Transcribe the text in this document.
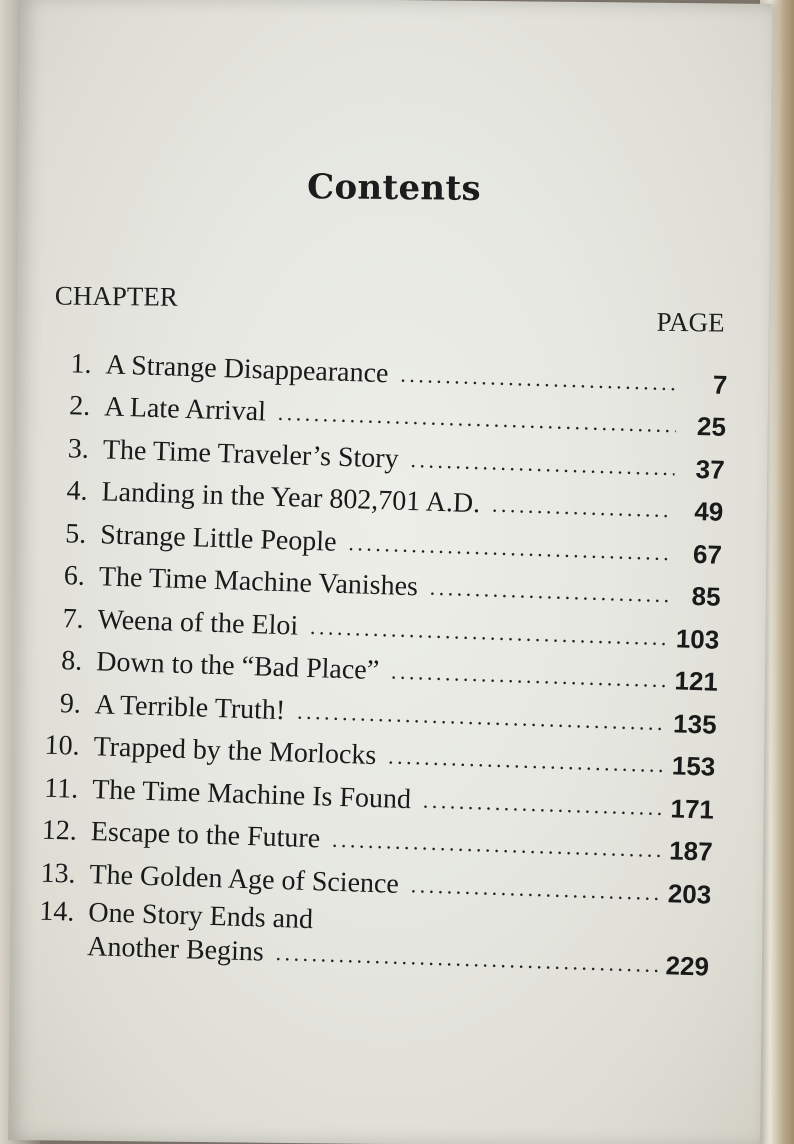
Contents
CHAPTER
PAGE
1. A Strange Disappearance . . .	7
2. A Late Arrival . . .	25
3. The Time Traveler’s Story . . .	37
4. Landing in the Year 802,701 A.D. . . .	49
5. Strange Little People . . .	67
6. The Time Machine Vanishes . . .	85
7. Weena of the Eloi . . .	103
8. Down to the “Bad Place” . . .	121
9. A Terrible Truth! . . .	135
10. Trapped by the Morlocks . . .	153
11. The Time Machine Is Found . . .	171
12. Escape to the Future . . .	187
13. The Golden Age of Science . . .	203
14. One Story Ends and
Another Begins . . .	229
